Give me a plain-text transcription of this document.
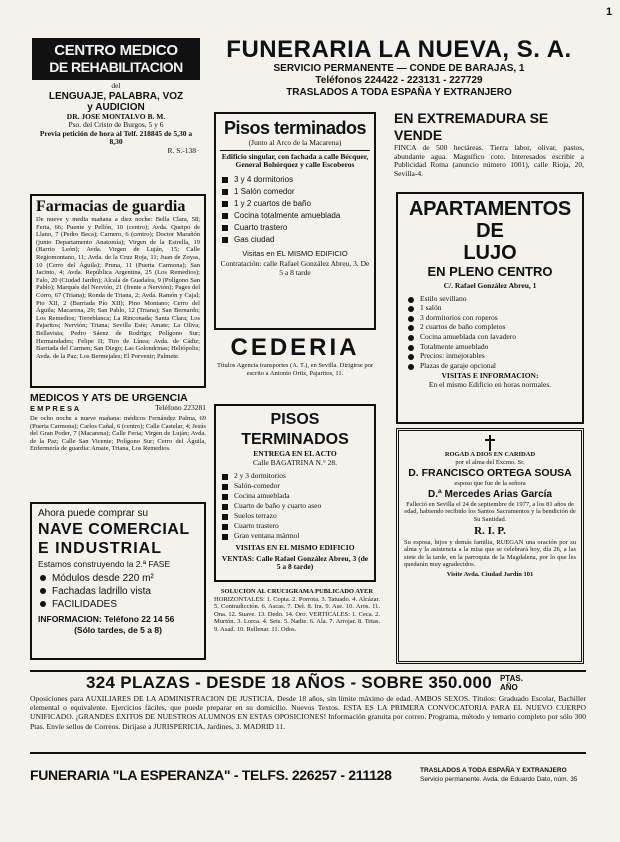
1
CENTRO MEDICO
DE REHABILITACION
del
LENGUAJE, PALABRA, VOZ y AUDICION
DR. JOSE MONTALVO B. M.
Pso. del Cristo de Burgos, 5 y 6
Previa petición de hora al Telf. 218845 de 5,30 a 8,30
R. S.-138
FUNERARIA LA NUEVA, S. A.
SERVICIO PERMANENTE — CONDE DE BARAJAS, 1
Teléfonos 224422 - 223131 - 227729
TRASLADOS A TODA ESPAÑA Y EXTRANJERO
Farmacias de guardia
De nueve y media mañana a diez noche: Bella Clara, 58; Feria, 66; Puente y Pellón, 10 (centro); Avda. Queipo de Llano, 7 (Pedro Beca); Carnero, 6 (centro); Doctor Marañón (junto Departamento Anatomía); Virgen de la Estrella, 19 (Barrio León); Avda. Virgen de Luján, 15; Calle Regiomontano, 11; Avda. de la Cruz Roja, 11; Juan de Zoyas, 10 (Cerro del Águila); Pruna, 11 (Puerta Carmona); San Jacinto, 4; Avda. República Argentina, 25 (Los Remedios); Falo, 20 (Ciudad Jardín); Alcalá de Guadaíra, 9 (Polígono San Pablo); Marqués del Nervión, 21 (frente a Nervión); Pages del Corro, 67 (Triana); Ronda de Triana, 2; Avda. Ramón y Cajal; Pio XII, 2 (Barriada Pío XII); Pino Montano; Cerro del Águila; Macarena, 29; San Pablo, 12 (Triana); San Bernardo; Los Remedios; Torreblanca; La Rinconada; Santa Clara; Los Pajaritos; Nervión; Triana; Sevilla Este; Amate; La Oliva; Bellavista; Pedro Sáenz de Rodrigo; Polígono Sur; Hermandades; Felipe II; Tiro de Línea; Avda. de Cádiz; Barriada del Carmen; San Diego; Las Golondrinas; Heliópolis; Avda. de la Paz; Los Bermejales; El Porvenir; Palmete.
MEDICOS Y ATS DE URGENCIA
E M P R E S A	Teléfono 223281
De ocho noche a nueve mañana: médicos Fernández Palma, 69 (Puerta Carmona); Carlos Cañal, 6 (centro); Calle Castelar, 4; Jesús del Gran Poder, 7 (Macarena); Calle Feria; Virgen de Luján; Avda. de la Paz; Calle San Vicente; Polígono Sur; Cerro del Águila, Enfermería de guardia: Amate, Triana, Los Remedios.
Ahora puede comprar su
NAVE COMERCIAL
E INDUSTRIAL
Estamos construyendo la 2.ª FASE
Módulos desde 220 m²
Fachadas ladrillo vista
FACILIDADES
INFORMACION: Teléfono 22 14 56
(Sólo tardes, de 5 a 8)
Pisos terminados
(Junto al Arco de la Macarena)
Edificio singular, con fachada a calle Bécquer, General Bohórquez y calle Escoberos
3 y 4 dormitorios
1 Salón comedor
1 y 2 cuartos de baño
Cocina totalmente amueblada
Cuarto trastero
Gas ciudad
Visitas en EL MISMO EDIFICIO
Contratación: calle Rafael González Abreu, 3. De 5 a 8 tarde
CEDERIA
Títulos Agencia transportes (A. T.), en Sevilla. Dirigirse por escrito a Antonio Ortiz, Pajaritos, 11.
PISOS TERMINADOS
ENTREGA EN EL ACTO
Calle BAGATRINA N.° 28.
2 y 3 dormitorios
Salón-comedor
Cocina amueblada
Cuarto de baño y cuarto aseo
Suelos terrazo
Cuarto trastero
Gran ventana mármol
VISITAS EN EL MISMO EDIFICIO
VENTAS: Calle Rafael González Abreu, 3 (de 5 a 8 tarde)
SOLUCION AL CRUCIGRAMA PUBLICADO AYER
HORIZONTALES: 1. Copta. 2. Porrota. 3. Tatuado. 4. Alcázar. 5. Contradicción. 6. Ascas. 7. Del. 8. Ira. 9. Ase. 10. Aros. 11. Ona. 12. Suave. 13. Dedo. 14. Oro. VERTICALES: 1. Ceca. 2. Murtón. 3. Lorca. 4. Seis. 5. Nadie. 6. Ala. 7. Arrojar. 8. Tetas. 9. Asad. 10. Rellenar. 11. Odos.
EN EXTREMADURA SE VENDE
FINCA de 500 hectáreas. Tierra labor, olivar, pastos, abundante agua. Magnífico coto. Interesados escribir a Publicidad Roma (anuncio número 1001), calle Rioja, 20, Sevilla-4.
APARTAMENTOS
DE
LUJO
EN PLENO CENTRO
C/. Rafael González Abreu, 1
Estilo sevillano
1 salón
3 dormitorios con roperos
2 cuartos de baño completos
Cocina amueblada con lavadero
Totalmente amueblado
Precios: inmejorables
Plazas de garaje opcional
VISITAS E INFORMACION:
En el mismo Edificio en horas normales.
ROGAD A DIOS EN CARIDAD
por el alma del Excmo. Sr.
D. FRANCISCO ORTEGA SOUSA
esposo que fue de la señora
D.ª Mercedes Arias García
Falleció en Sevilla el 24 de septiembre de 1977, a los 81 años de edad, habiendo recibido los Santos Sacramentos y la bendición de Su Santidad.
R. I. P.
Su esposa, hijos y demás familia, RUEGAN una oración por su alma y la asistencia a la misa que se celebrará hoy, día 26, a las siete de la tarde, en la parroquia de la Magdalena, por lo que les quedarán muy agradecidos.
Visite Avda. Ciudad Jardín 101
324 PLAZAS - DESDE 18 AÑOS - SOBRE 350.000 PTAS. AÑO
Oposiciones para AUXILIARES DE LA ADMINISTRACION DE JUSTICIA. Desde 18 años, sin límite máximo de edad. AMBOS SEXOS. Títulos: Graduado Escolar, Bachiller elemental o equivalente. Ejercicios fáciles, que puede preparar en su domicilio. Nuevos Textos. ESTA ES LA PRIMERA CONVOCATORIA PARA EL NUEVO CUERPO UNIFICADO. ¡GRANDES EXITOS DE NUESTROS ALUMNOS EN ESTAS OPOSICIONES! Información gratuita por correo. Programa, método y temario completo por sólo 300 Ptas. Envíe sellos de Correos. Diríjase a JURISPERICIA, Jardines, 3. MADRID 11.
FUNERARIA "LA ESPERANZA" - TELFS. 226257 - 211128	TRASLADOS A TODA ESPAÑA Y EXTRANJERO
Servicio permanente. Avda. de Eduardo Dato, núm. 35
